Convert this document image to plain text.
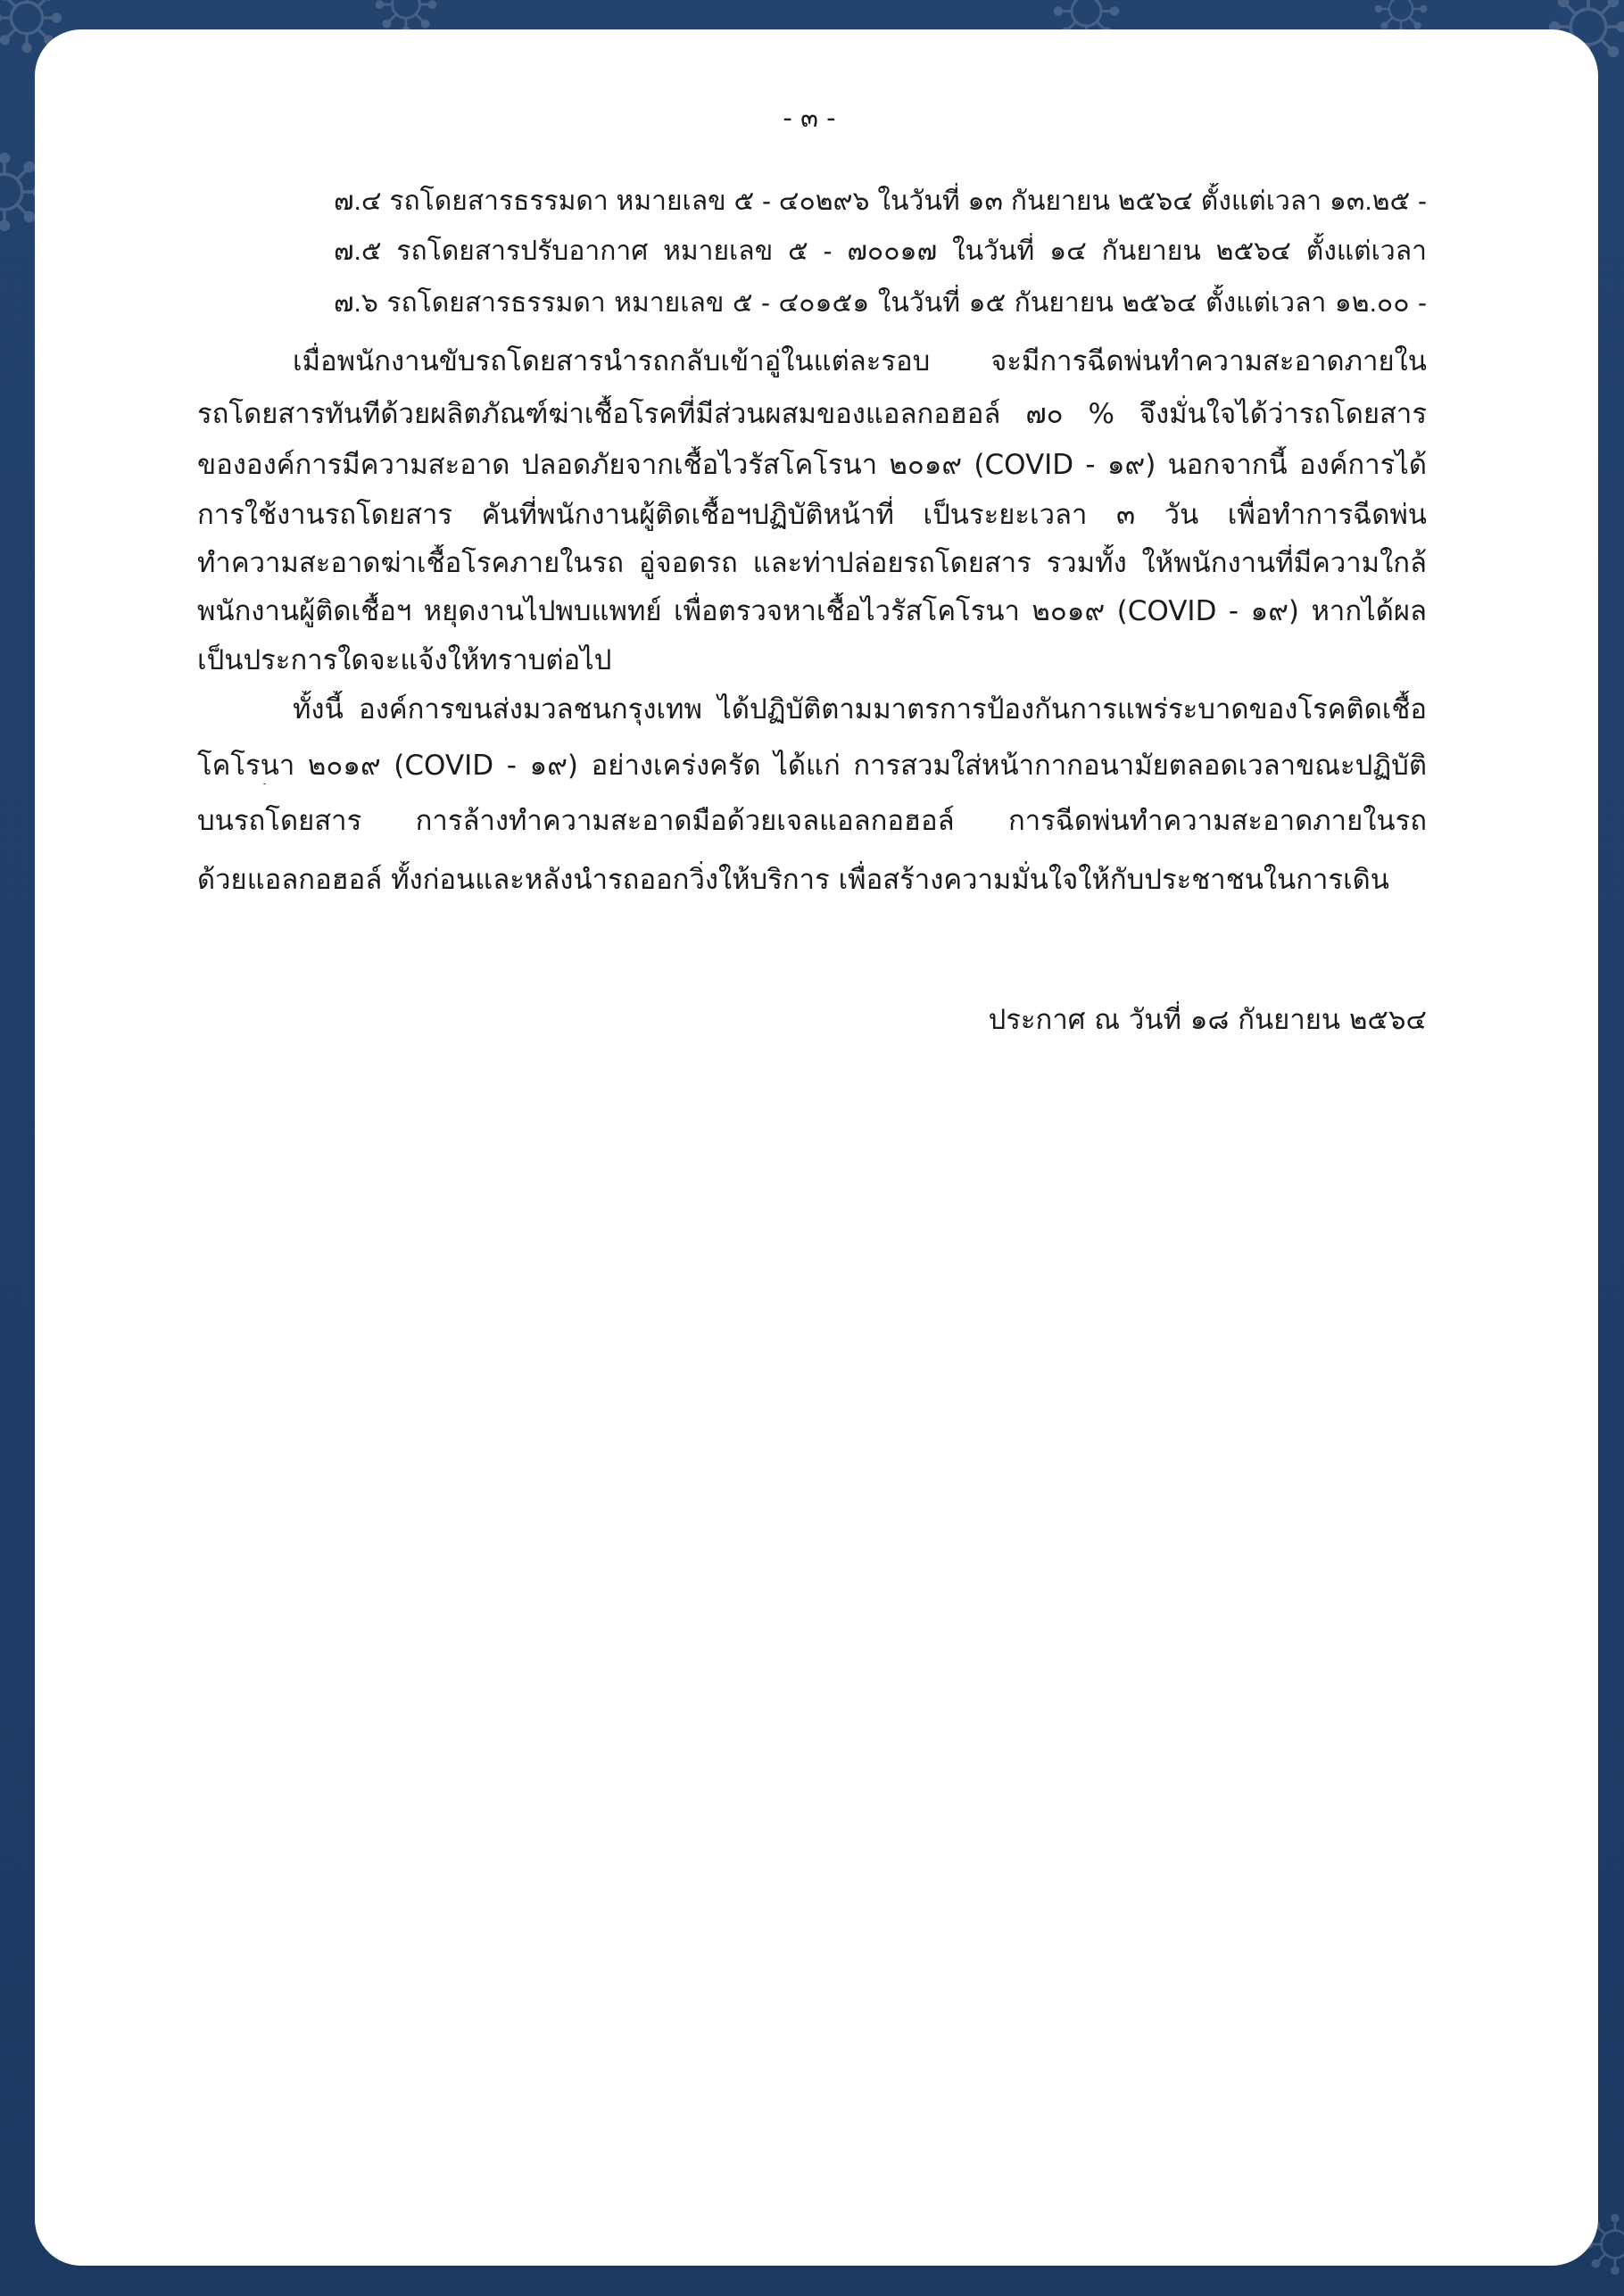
- ๓ -
๗.๔ รถโดยสารธรรมดา หมายเลข ๕ - ๔๐๒๙๖ ในวันที่ ๑๓ กันยายน ๒๕๖๔ ตั้งแต่เวลา ๑๓.๒๕ -
๗.๕ รถโดยสารปรับอากาศ หมายเลข ๕ - ๗๐๐๑๗ ในวันที่ ๑๔ กันยายน ๒๕๖๔ ตั้งแต่เวลา
๗.๖ รถโดยสารธรรมดา หมายเลข ๕ - ๔๐๑๕๑ ในวันที่ ๑๕ กันยายน ๒๕๖๔ ตั้งแต่เวลา ๑๒.๐๐ -
เมื่อพนักงานขับรถโดยสารนำรถกลับเข้าอู่ในแต่ละรอบ จะมีการฉีดพ่นทำความสะอาดภายใน
รถโดยสารทันทีด้วยผลิตภัณฑ์ฆ่าเชื้อโรคที่มีส่วนผสมของแอลกอฮอล์ ๗๐ % จึงมั่นใจได้ว่ารถโดยสาร
ขององค์การมีความสะอาด ปลอดภัยจากเชื้อไวรัสโคโรนา ๒๐๑๙ (COVID - ๑๙) นอกจากนี้ องค์การได้
การใช้งานรถโดยสาร คันที่พนักงานผู้ติดเชื้อฯปฏิบัติหน้าที่ เป็นระยะเวลา ๓ วัน เพื่อทำการฉีดพ่น
ทำความสะอาดฆ่าเชื้อโรคภายในรถ อู่จอดรถ และท่าปล่อยรถโดยสาร รวมทั้ง ให้พนักงานที่มีความใกล้
พนักงานผู้ติดเชื้อฯ หยุดงานไปพบแพทย์ เพื่อตรวจหาเชื้อไวรัสโคโรนา ๒๐๑๙ (COVID - ๑๙) หากได้ผล
เป็นประการใดจะแจ้งให้ทราบต่อไป
ทั้งนี้ องค์การขนส่งมวลชนกรุงเทพ ได้ปฏิบัติตามมาตรการป้องกันการแพร่ระบาดของโรคติดเชื้อ
โคโรนา ๒๐๑๙ (COVID - ๑๙) อย่างเคร่งครัด ได้แก่ การสวมใส่หน้ากากอนามัยตลอดเวลาขณะปฏิบัติ
บนรถโดยสาร การล้างทำความสะอาดมือด้วยเจลแอลกอฮอล์ การฉีดพ่นทำความสะอาดภายในรถ
ด้วยแอลกอฮอล์ ทั้งก่อนและหลังนำรถออกวิ่งให้บริการ เพื่อสร้างความมั่นใจให้กับประชาชนในการเดิน
ประกาศ ณ วันที่ ๑๘ กันยายน ๒๕๖๔
